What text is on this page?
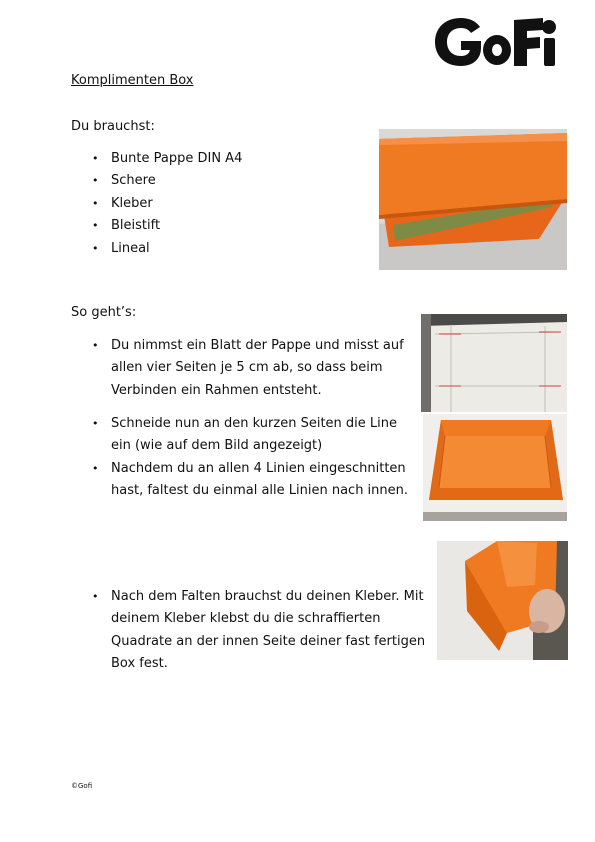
Komplimenten Box
Du brauchst:
• Bunte Pappe DIN A4
• Schere
• Kleber
• Bleistift
• Lineal
So geht’s:
• Du nimmst ein Blatt der Pappe und misst auf
allen vier Seiten je 5 cm ab, so dass beim
Verbinden ein Rahmen entsteht.
• Schneide nun an den kurzen Seiten die Line
ein (wie auf dem Bild angezeigt)
• Nachdem du an allen 4 Linien eingeschnitten
hast, faltest du einmal alle Linien nach innen.
• Nach dem Falten brauchst du deinen Kleber. Mit
deinem Kleber klebst du die schraffierten
Quadrate an der innen Seite deiner fast fertigen
Box fest.
©Gofi
